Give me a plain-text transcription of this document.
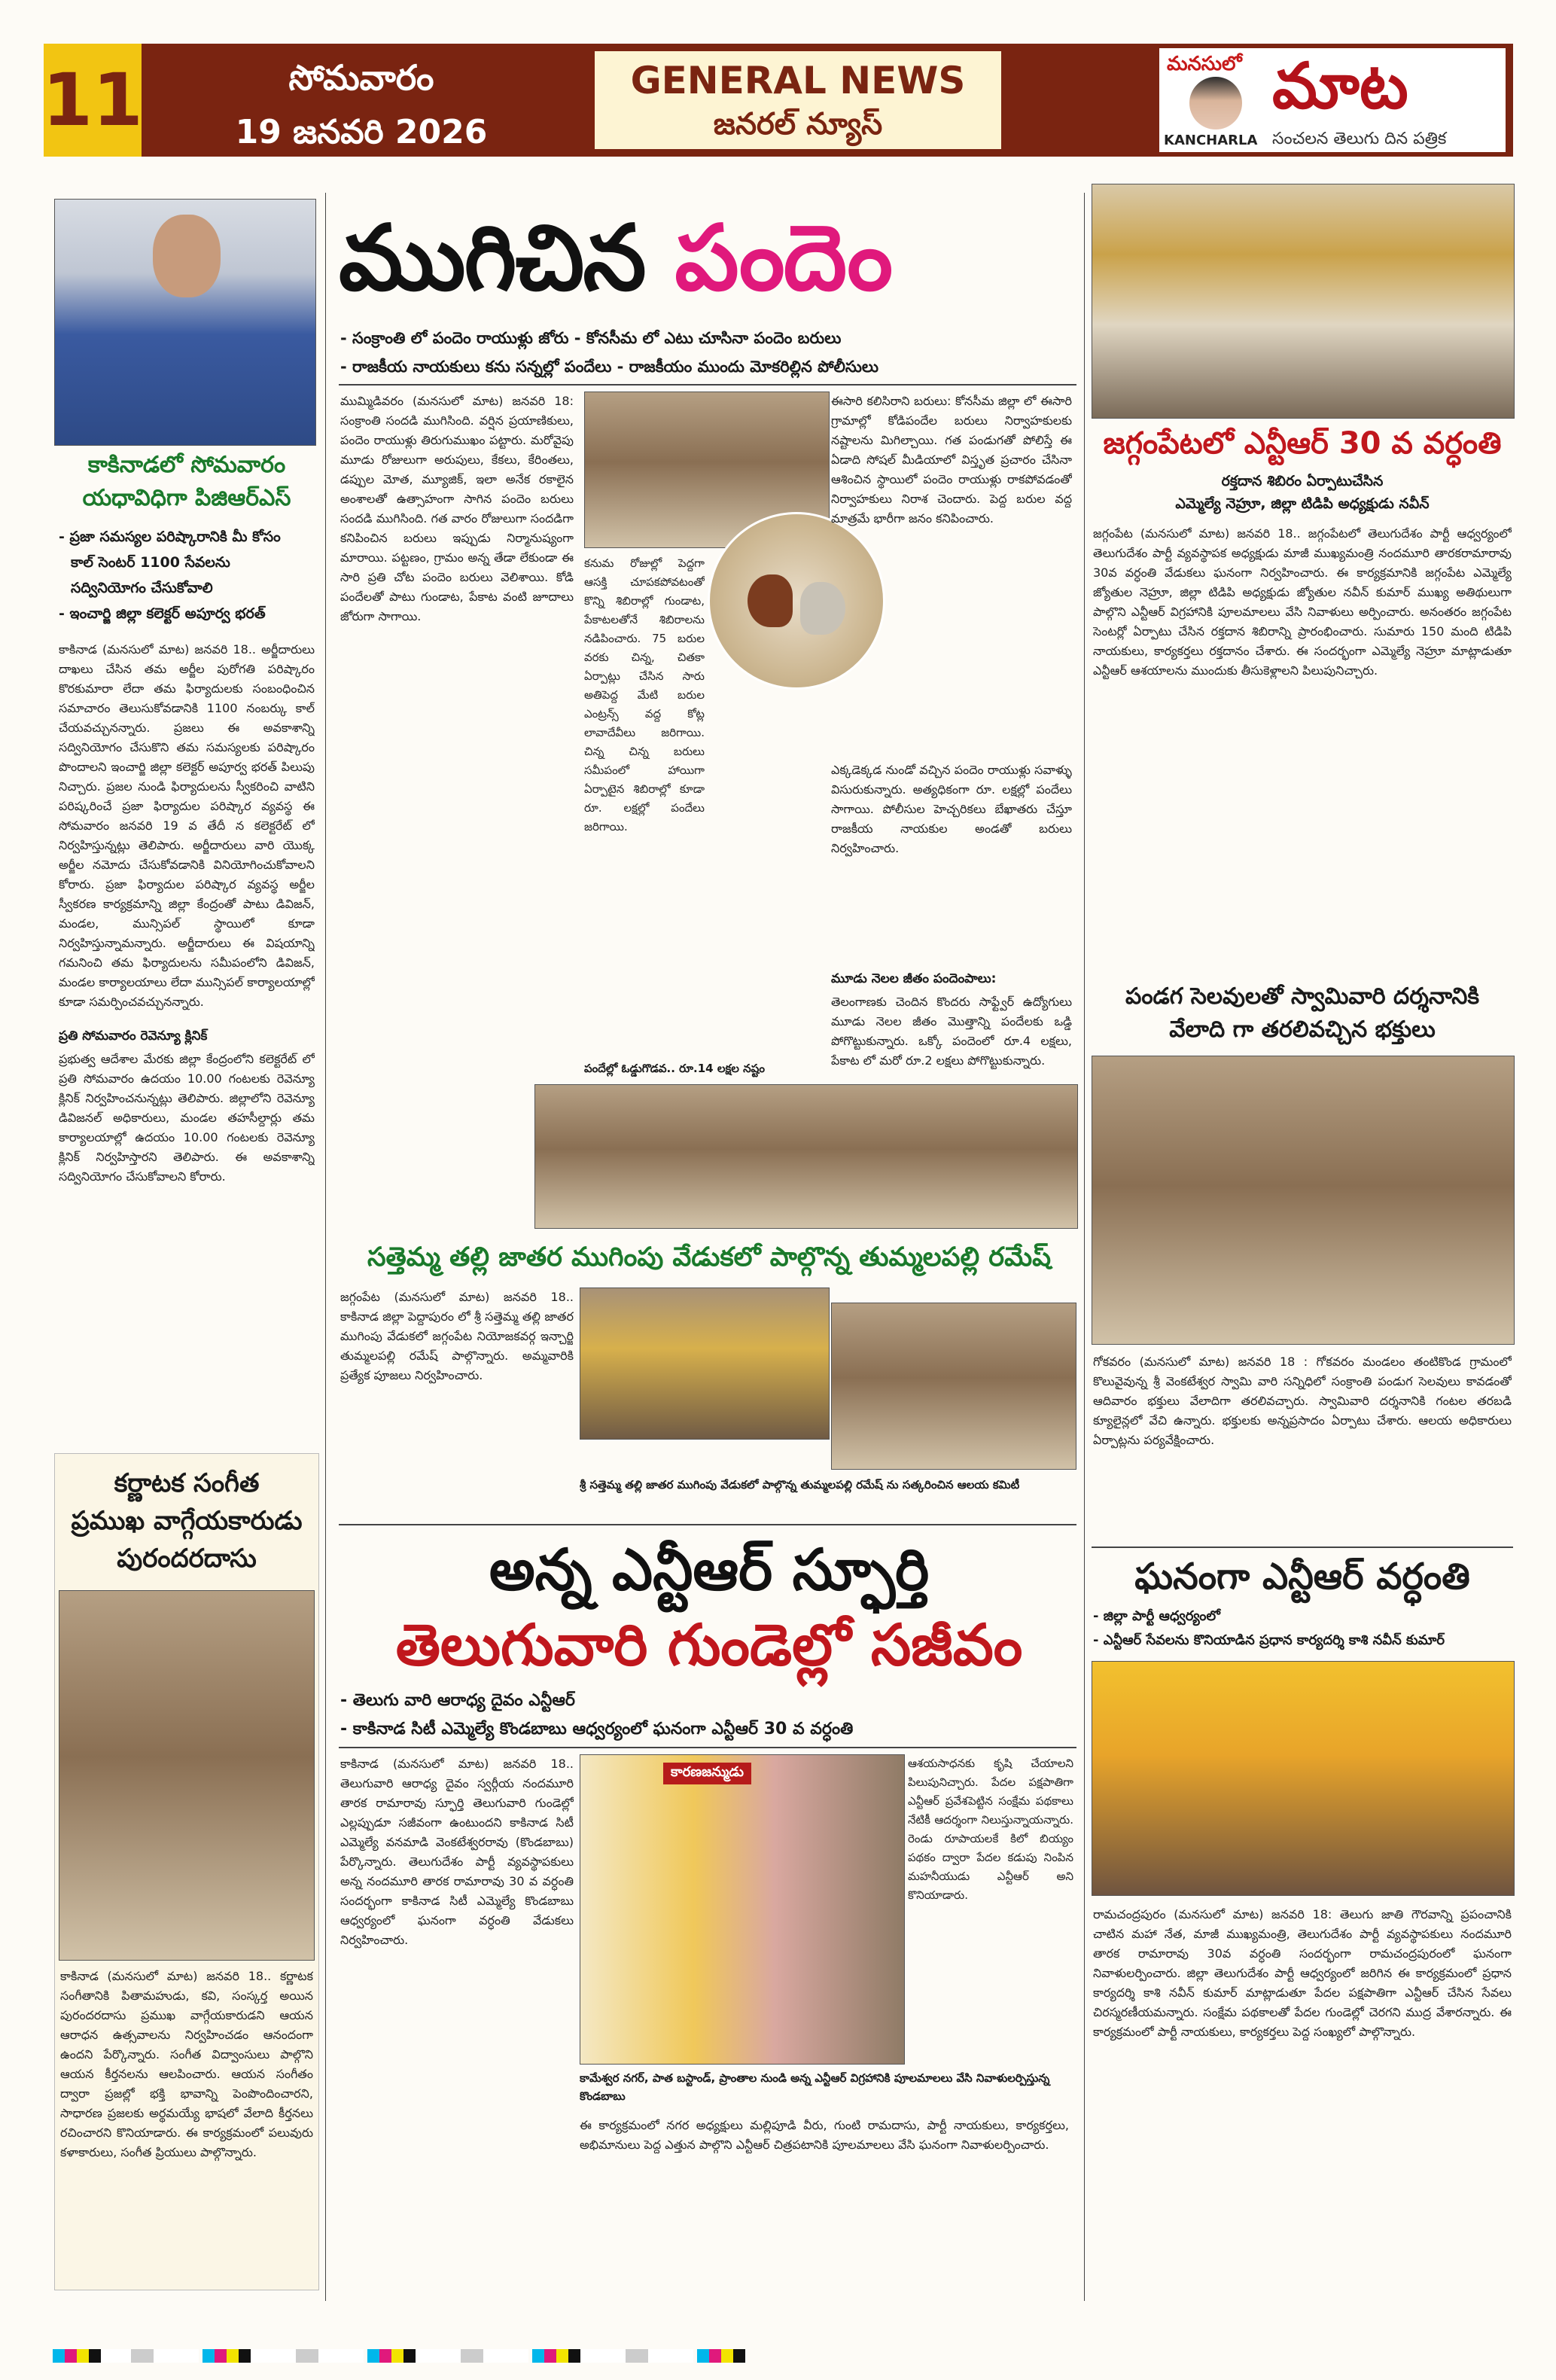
11	సోమవారం
19 జనవరి 2026
GENERAL NEWS
జనరల్ న్యూస్
మనసులో
KANCHARLA
మాట
సంచలన తెలుగు దిన పత్రిక
కాకినాడలో సోమవారం
యధావిధిగా పిజిఆర్ఎస్
- ప్రజా సమస్యల పరిష్కారానికి మీ కోసం
కాల్ సెంటర్ 1100 సేవలను
సద్వినియోగం చేసుకోవాలి
- ఇంచార్జి జిల్లా కలెక్టర్ అపూర్వ భరత్
కాకినాడ (మనసులో మాట) జనవరి 18.. అర్జీదారులు దాఖలు చేసిన తమ అర్జీల పురోగతి పరిష్కారం కొరకుమారా లేదా తమ ఫిర్యాదులకు సంబంధించిన సమాచారం తెలుసుకోవడానికి 1100 నంబర్కు కాల్ చేయవచ్చునన్నారు. ప్రజలు ఈ అవకాశాన్ని సద్వినియోగం చేసుకొని తమ సమస్యలకు పరిష్కారం పొందాలని ఇంచార్జి జిల్లా కలెక్టర్ అపూర్వ భరత్ పిలుపు నిచ్చారు. ప్రజల నుండి ఫిర్యాదులను స్వీకరించి వాటిని పరిష్కరించే ప్రజా ఫిర్యాదుల పరిష్కార వ్యవస్థ ఈ సోమవారం జనవరి 19 వ తేదీ న కలెక్టరేట్ లో నిర్వహిస్తున్నట్లు తెలిపారు. అర్జీదారులు వారి యొక్క అర్జీల నమోదు చేసుకోవడానికి వినియోగించుకోవాలని కోరారు. ప్రజా ఫిర్యాదుల పరిష్కార వ్యవస్థ అర్జీల స్వీకరణ కార్యక్రమాన్ని జిల్లా కేంద్రంతో పాటు డివిజన్, మండల, మున్సిపల్ స్థాయిలో కూడా నిర్వహిస్తున్నామన్నారు. అర్జీదారులు ఈ విషయాన్ని గమనించి తమ ఫిర్యాదులను సమీపంలోని డివిజన్, మండల కార్యాలయాలు లేదా మున్సిపల్ కార్యాలయాల్లో కూడా సమర్పించవచ్చునన్నారు.
ప్రతి సోమవారం రెవెన్యూ క్లినిక్
ప్రభుత్వ ఆదేశాల మేరకు జిల్లా కేంద్రంలోని కలెక్టరేట్ లో ప్రతి సోమవారం ఉదయం 10.00 గంటలకు రెవెన్యూ క్లినిక్ నిర్వహించనున్నట్లు తెలిపారు. జిల్లాలోని రెవెన్యూ డివిజనల్ అధికారులు, మండల తహసీల్దార్లు తమ కార్యాలయాల్లో ఉదయం 10.00 గంటలకు రెవెన్యూ క్లినిక్ నిర్వహిస్తారని తెలిపారు. ఈ అవకాశాన్ని సద్వినియోగం చేసుకోవాలని కోరారు.
కర్ణాటక సంగీత
ప్రముఖ వాగ్గేయకారుడు
పురందరదాసు
కాకినాడ (మనసులో మాట) జనవరి 18.. కర్ణాటక సంగీతానికి పితామహుడు, కవి, సంస్కర్త అయిన పురందరదాసు ప్రముఖ వాగ్గేయకారుడని ఆయన ఆరాధన ఉత్సవాలను నిర్వహించడం ఆనందంగా ఉందని పేర్కొన్నారు. సంగీత విద్వాంసులు పాల్గొని ఆయన కీర్తనలను ఆలపించారు. ఆయన సంగీతం ద్వారా ప్రజల్లో భక్తి భావాన్ని పెంపొందించారని, సాధారణ ప్రజలకు అర్థమయ్యే భాషలో వేలాది కీర్తనలు రచించారని కొనియాడారు. ఈ కార్యక్రమంలో పలువురు కళాకారులు, సంగీత ప్రియులు పాల్గొన్నారు.
ముగిచిన పందెం
- సంక్రాంతి లో పందెం రాయుళ్లు జోరు - కోనసీమ లో ఎటు చూసినా పందెం బరులు
- రాజకీయ నాయకులు కను సన్నల్లో పందేలు - రాజకీయం ముందు మోకరిల్లిన పోలీసులు
ముమ్మిడివరం (మనసులో మాట) జనవరి 18: సంక్రాంతి సందడి ముగిసింది. వర్షిన ప్రయాణికులు, పందెం రాయుళ్లు తిరుగుముఖం పట్టారు. మరోవైపు మూడు రోజులుగా అరుపులు, కేకలు, కేరింతలు, డప్పుల మోత, మ్యూజిక్, ఇలా అనేక రకాలైన అంశాలతో ఉత్సాహంగా సాగిన పందెం బరులు సందడి ముగిసింది. గత వారం రోజులుగా సందడిగా కనిపించిన బరులు ఇప్పుడు నిర్మానుష్యంగా మారాయి. పట్టణం, గ్రామం అన్న తేడా లేకుండా ఈ సారి ప్రతి చోట పందెం బరులు వెలిశాయి. కోడి పందేలతో పాటు గుండాట, పేకాట వంటి జూదాలు జోరుగా సాగాయి.
కనుమ రోజుల్లో పెద్దగా ఆసక్తి చూపకపోవటంతో కొన్ని శిబిరాల్లో గుండాట, పేకాటలతోనే శిబిరాలను నడిపించారు. 75 బరుల వరకు చిన్న, చితకా ఏర్పాట్లు చేసిన సారు అతిపెద్ద మేటి బరుల ఎంట్రన్స్ వద్ద కోట్ల లావాదేవీలు జరిగాయి. చిన్న చిన్న బరులు సమీపంలో హాయిగా ఏర్పాటైన శిబిరాల్లో కూడా రూ. లక్షల్లో పందేలు జరిగాయి.
ఈసారి కలిసిరాని బరులు: కోనసీమ జిల్లా లో ఈసారి గ్రామాల్లో కోడిపందేల బరులు నిర్వాహకులకు నష్టాలను మిగిల్చాయి. గత పండుగతో పోలిస్తే ఈ ఏడాది సోషల్ మీడియాలో విస్తృత ప్రచారం చేసినా ఆశించిన స్థాయిలో పందెం రాయుళ్లు రాకపోవడంతో నిర్వాహకులు నిరాశ చెందారు. పెద్ద బరుల వద్ద మాత్రమే భారీగా జనం కనిపించారు.
ఎక్కడెక్కడ నుండో వచ్చిన పందెం రాయుళ్లు సవాళ్ళు విసురుకున్నారు. అత్యధికంగా రూ. లక్షల్లో పందేలు సాగాయి. పోలీసుల హెచ్చరికలు బేఖాతరు చేస్తూ రాజకీయ నాయకుల అండతో బరులు నిర్వహించారు.
మూడు నెలల జీతం పందెంపాలు:
తెలంగాణకు చెందిన కొందరు సాఫ్ట్వేర్ ఉద్యోగులు మూడు నెలల జీతం మొత్తాన్ని పందేలకు ఒడ్డి పోగొట్టుకున్నారు. ఒక్కో పందెంలో రూ.4 లక్షలు, పేకాట లో మరో రూ.2 లక్షలు పోగొట్టుకున్నారు.
పందేల్లో ఓడ్డుగొడవ.. రూ.14 లక్షల నష్టం
సత్తెమ్మ తల్లి జాతర ముగింపు వేడుకలో పాల్గొన్న తుమ్మలపల్లి రమేష్
జగ్గంపేట (మనసులో మాట) జనవరి 18.. కాకినాడ జిల్లా పెద్దాపురం లో శ్రీ సత్తెమ్మ తల్లి జాతర ముగింపు వేడుకలో జగ్గంపేట నియోజకవర్గ ఇన్చార్జి తుమ్మలపల్లి రమేష్ పాల్గొన్నారు. అమ్మవారికి ప్రత్యేక పూజలు నిర్వహించారు.
శ్రీ సత్తెమ్మ తల్లి జాతర ముగింపు వేడుకలో పాల్గొన్న తుమ్మలపల్లి రమేష్ ను సత్కరించిన ఆలయ కమిటీ
అన్న ఎన్టీఆర్ స్ఫూర్తి
తెలుగువారి గుండెల్లో సజీవం
- తెలుగు వారి ఆరాధ్య దైవం ఎన్టీఆర్
- కాకినాడ సిటీ ఎమ్మెల్యే కొండబాబు ఆధ్వర్యంలో ఘనంగా ఎన్టీఆర్ 30 వ వర్ధంతి
కాకినాడ (మనసులో మాట) జనవరి 18.. తెలుగువారి ఆరాధ్య దైవం స్వర్గీయ నందమూరి తారక రామారావు స్ఫూర్తి తెలుగువారి గుండెల్లో ఎల్లప్పుడూ సజీవంగా ఉంటుందని కాకినాడ సిటీ ఎమ్మెల్యే వనమాడి వెంకటేశ్వరరావు (కొండబాబు) పేర్కొన్నారు. తెలుగుదేశం పార్టీ వ్యవస్థాపకులు అన్న నందమూరి తారక రామారావు 30 వ వర్ధంతి సందర్భంగా కాకినాడ సిటీ ఎమ్మెల్యే కొండబాబు ఆధ్వర్యంలో ఘనంగా వర్ధంతి వేడుకలు నిర్వహించారు.
కారణజన్ముడు
ఆశయసాధనకు కృషి చేయాలని పిలుపునిచ్చారు. పేదల పక్షపాతిగా ఎన్టీఆర్ ప్రవేశపెట్టిన సంక్షేమ పథకాలు నేటికీ ఆదర్శంగా నిలుస్తున్నాయన్నారు. రెండు రూపాయలకే కిలో బియ్యం పథకం ద్వారా పేదల కడుపు నింపిన మహనీయుడు ఎన్టీఆర్ అని కొనియాడారు.
కామేశ్వర నగర్, పాత బస్టాండ్, ప్రాంతాల నుండి అన్న ఎన్టీఆర్ విగ్రహానికి పూలమాలలు వేసి నివాళులర్పిస్తున్న కొండబాబు
ఈ కార్యక్రమంలో నగర అధ్యక్షులు మల్లిపూడి వీరు, గుంటి రామదాసు, పార్టీ నాయకులు, కార్యకర్తలు, అభిమానులు పెద్ద ఎత్తున పాల్గొని ఎన్టీఆర్ చిత్రపటానికి పూలమాలలు వేసి ఘనంగా నివాళులర్పించారు.
జగ్గంపేటలో ఎన్టీఆర్ 30 వ వర్ధంతి
రక్తదాన శిబిరం ఏర్పాటుచేసిన
ఎమ్మెల్యే నెహ్రూ, జిల్లా టిడిపి అధ్యక్షుడు నవీన్
జగ్గంపేట (మనసులో మాట) జనవరి 18.. జగ్గంపేటలో తెలుగుదేశం పార్టీ ఆధ్వర్యంలో తెలుగుదేశం పార్టీ వ్యవస్థాపక అధ్యక్షుడు మాజీ ముఖ్యమంత్రి నందమూరి తారకరామారావు 30వ వర్ధంతి వేడుకలు ఘనంగా నిర్వహించారు. ఈ కార్యక్రమానికి జగ్గంపేట ఎమ్మెల్యే జ్యోతుల నెహ్రూ, జిల్లా టిడిపి అధ్యక్షుడు జ్యోతుల నవీన్ కుమార్ ముఖ్య అతిథులుగా పాల్గొని ఎన్టీఆర్ విగ్రహానికి పూలమాలలు వేసి నివాళులు అర్పించారు. అనంతరం జగ్గంపేట సెంటర్లో ఏర్పాటు చేసిన రక్తదాన శిబిరాన్ని ప్రారంభించారు. సుమారు 150 మంది టిడిపి నాయకులు, కార్యకర్తలు రక్తదానం చేశారు. ఈ సందర్భంగా ఎమ్మెల్యే నెహ్రూ మాట్లాడుతూ ఎన్టీఆర్ ఆశయాలను ముందుకు తీసుకెళ్లాలని పిలుపునిచ్చారు.
పండగ సెలవులతో స్వామివారి దర్శనానికి
వేలాది గా తరలివచ్చిన భక్తులు
గోకవరం (మనసులో మాట) జనవరి 18 : గోకవరం మండలం తంటికొండ గ్రామంలో కొలువైవున్న శ్రీ వెంకటేశ్వర స్వామి వారి సన్నిధిలో సంక్రాంతి పండుగ సెలవులు కావడంతో ఆదివారం భక్తులు వేలాదిగా తరలివచ్చారు. స్వామివారి దర్శనానికి గంటల తరబడి క్యూలైన్లలో వేచి ఉన్నారు. భక్తులకు అన్నప్రసాదం ఏర్పాటు చేశారు. ఆలయ అధికారులు ఏర్పాట్లను పర్యవేక్షించారు.
ఘనంగా ఎన్టీఆర్ వర్ధంతి
- జిల్లా పార్టీ ఆధ్వర్యంలో
- ఎన్టీఆర్ సేవలను కొనియాడిన ప్రధాన కార్యదర్శి కాశి నవీన్ కుమార్
రామచంద్రపురం (మనసులో మాట) జనవరి 18: తెలుగు జాతి గౌరవాన్ని ప్రపంచానికి చాటిన మహా నేత, మాజీ ముఖ్యమంత్రి, తెలుగుదేశం పార్టీ వ్యవస్థాపకులు నందమూరి తారక రామారావు 30వ వర్ధంతి సందర్భంగా రామచంద్రపురంలో ఘనంగా నివాళులర్పించారు. జిల్లా తెలుగుదేశం పార్టీ ఆధ్వర్యంలో జరిగిన ఈ కార్యక్రమంలో ప్రధాన కార్యదర్శి కాశి నవీన్ కుమార్ మాట్లాడుతూ పేదల పక్షపాతిగా ఎన్టీఆర్ చేసిన సేవలు చిరస్మరణీయమన్నారు. సంక్షేమ పథకాలతో పేదల గుండెల్లో చెరగని ముద్ర వేశారన్నారు. ఈ కార్యక్రమంలో పార్టీ నాయకులు, కార్యకర్తలు పెద్ద సంఖ్యలో పాల్గొన్నారు.
